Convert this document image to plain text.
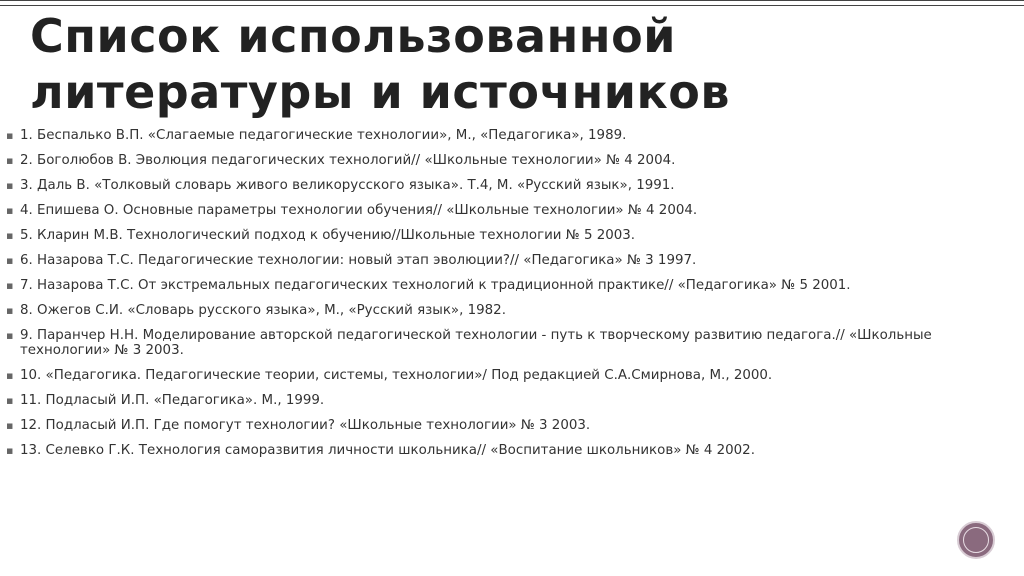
Список использованной литературы и источников
▪ 1. Беспалько В.П. «Слагаемые педагогические технологии», М., «Педагогика», 1989.
▪ 2. Боголюбов В. Эволюция педагогических технологий// «Школьные технологии» № 4 2004.
▪ 3. Даль В. «Толковый словарь живого великорусского языка». Т.4, М. «Русский язык», 1991.
▪ 4. Епишева О. Основные параметры технологии обучения// «Школьные технологии» № 4 2004.
▪ 5. Кларин М.В. Технологический подход к обучению//Школьные технологии № 5 2003.
▪ 6. Назарова Т.С. Педагогические технологии: новый этап эволюции?// «Педагогика» № 3 1997.
▪ 7. Назарова Т.С. От экстремальных педагогических технологий к традиционной практике// «Педагогика» № 5 2001.
▪ 8. Ожегов С.И. «Словарь русского языка», М., «Русский язык», 1982.
▪ 9. Паранчер Н.Н. Моделирование авторской педагогической технологии - путь к творческому развитию педагога.// «Школьные технологии» № 3 2003.
▪ 10. «Педагогика. Педагогические теории, системы, технологии»/ Под редакцией С.А.Смирнова, М., 2000.
▪ 11. Подласый И.П. «Педагогика». М., 1999.
▪ 12. Подласый И.П. Где помогут технологии? «Школьные технологии» № 3 2003.
▪ 13. Селевко Г.К. Технология саморазвития личности школьника// «Воспитание школьников» № 4 2002.
